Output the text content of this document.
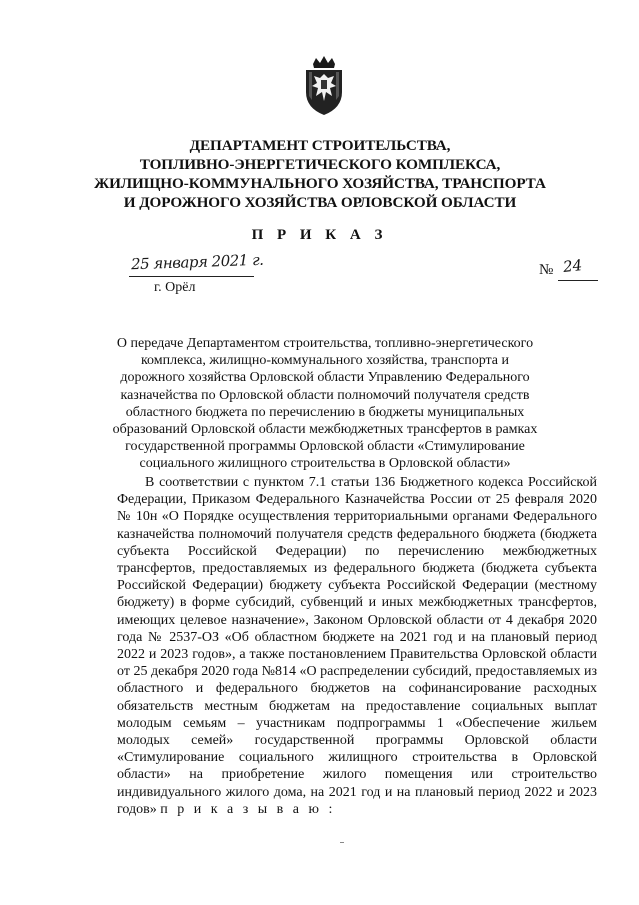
ДЕПАРТАМЕНТ СТРОИТЕЛЬСТВА,
ТОПЛИВНО-ЭНЕРГЕТИЧЕСКОГО КОМПЛЕКСА,
ЖИЛИЩНО-КОММУНАЛЬНОГО ХОЗЯЙСТВА, ТРАНСПОРТА
И ДОРОЖНОГО ХОЗЯЙСТВА ОРЛОВСКОЙ ОБЛАСТИ
П Р И К А З
25 января 2021 г.
г. Орёл
№ 24
О передаче Департаментом строительства, топливно-энергетического комплекса, жилищно-коммунального хозяйства, транспорта и дорожного хозяйства Орловской области Управлению Федерального казначейства по Орловской области полномочий получателя средств областного бюджета по перечислению в бюджеты муниципальных образований Орловской области межбюджетных трансфертов в рамках государственной программы Орловской области «Стимулирование социального жилищного строительства в Орловской области»
В соответствии с пунктом 7.1 статьи 136 Бюджетного кодекса Российской Федерации, Приказом Федерального Казначейства России от 25 февраля 2020 № 10н «О Порядке осуществления территориальными органами Федерального казначейства полномочий получателя средств федерального бюджета (бюджета субъекта Российской Федерации) по перечислению межбюджетных трансфертов, предоставляемых из федерального бюджета (бюджета субъекта Российской Федерации) бюджету субъекта Российской Федерации (местному бюджету) в форме субсидий, субвенций и иных межбюджетных трансфертов, имеющих целевое назначение», Законом Орловской области от 4 декабря 2020 года № 2537-ОЗ «Об областном бюджете на 2021 год и на плановый период 2022 и 2023 годов», а также постановлением Правительства Орловской области от 25 декабря 2020 года №814 «О распределении субсидий, предоставляемых из областного и федерального бюджетов на софинансирование расходных обязательств местным бюджетам на предоставление социальных выплат молодым семьям – участникам подпрограммы 1 «Обеспечение жильем молодых семей» государственной программы Орловской области «Стимулирование социального жилищного строительства в Орловской области» на приобретение жилого помещения или строительство индивидуального жилого дома, на 2021 год и на плановый период 2022 и 2023 годов» п р и к а з ы в а ю :
